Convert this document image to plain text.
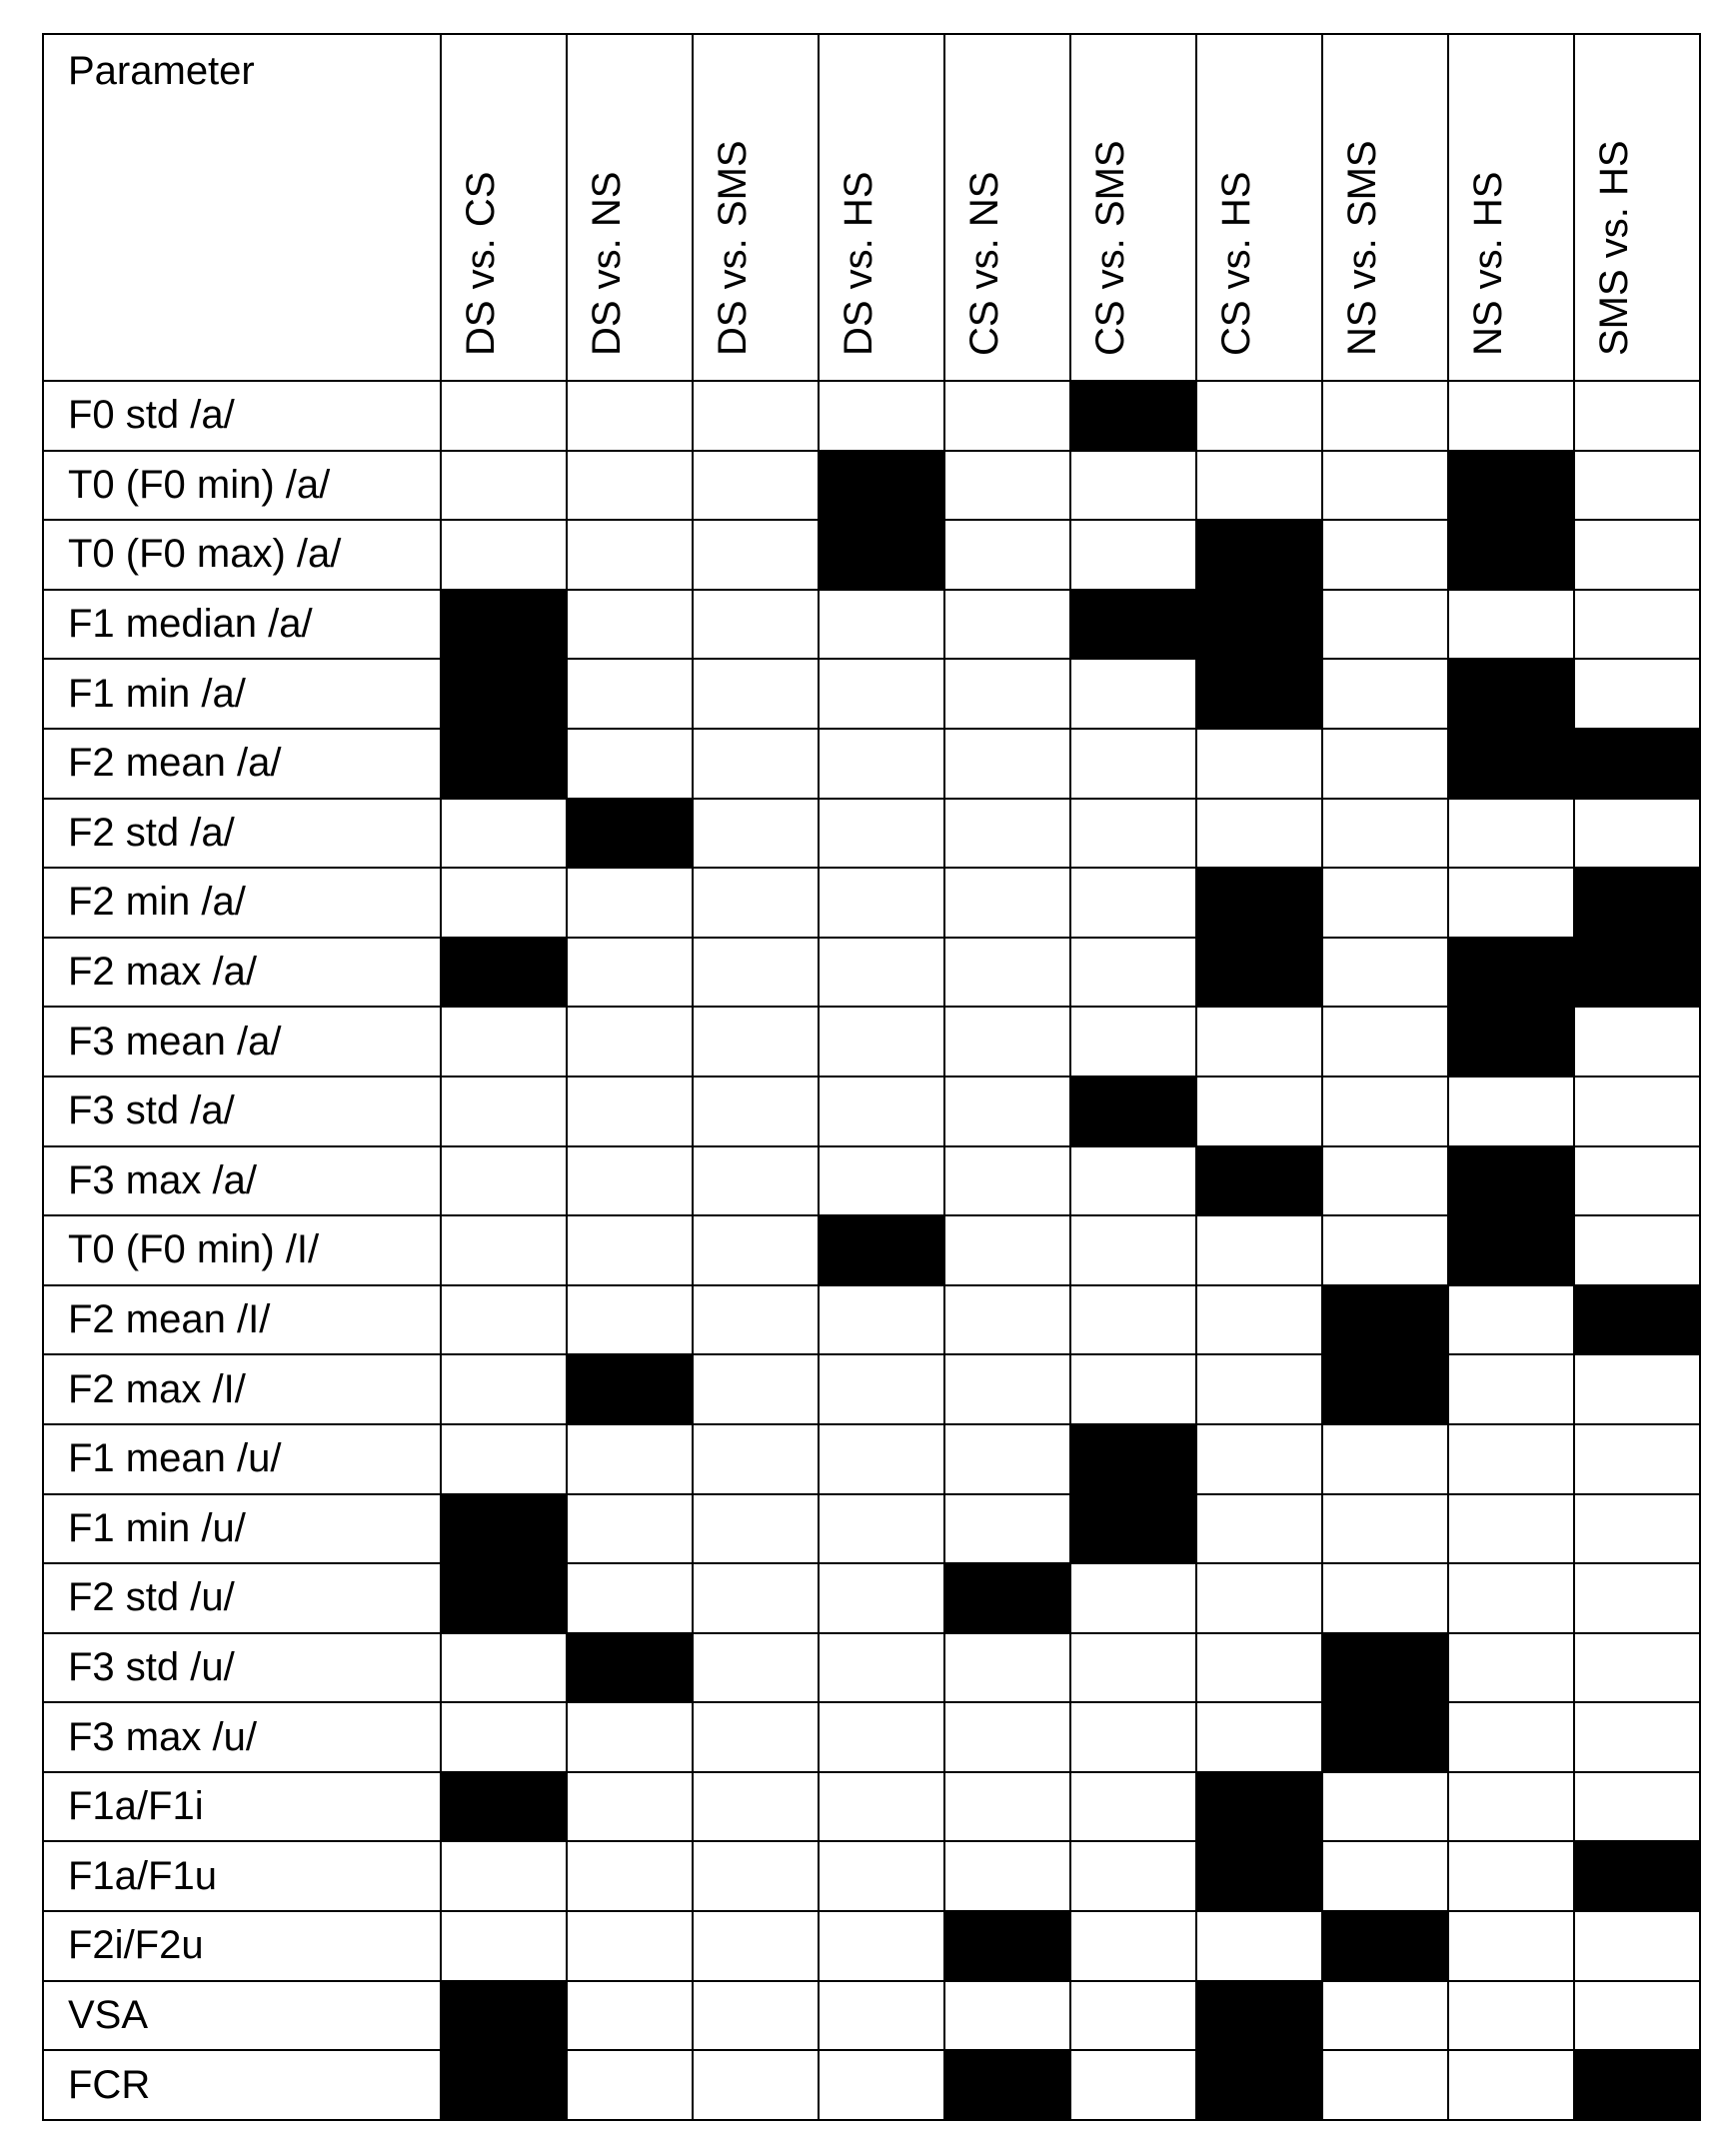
Parameter	DS vs. CS	DS vs. NS	DS vs. SMS	DS vs. HS	CS vs. NS	CS vs. SMS	CS vs. HS	NS vs. SMS	NS vs. HS	SMS vs. HS

F0 std /a/										
T0 (F0 min) /a/										
T0 (F0 max) /a/										
F1 median /a/										
F1 min /a/										
F2 mean /a/										
F2 std /a/										
F2 min /a/										
F2 max /a/										
F3 mean /a/										
F3 std /a/										
F3 max /a/										
T0 (F0 min) /I/										
F2 mean /I/										
F2 max /I/										
F1 mean /u/										
F1 min /u/										
F2 std /u/										
F3 std /u/										
F3 max /u/										
F1a/F1i										
F1a/F1u										
F2i/F2u										
VSA										
FCR										
